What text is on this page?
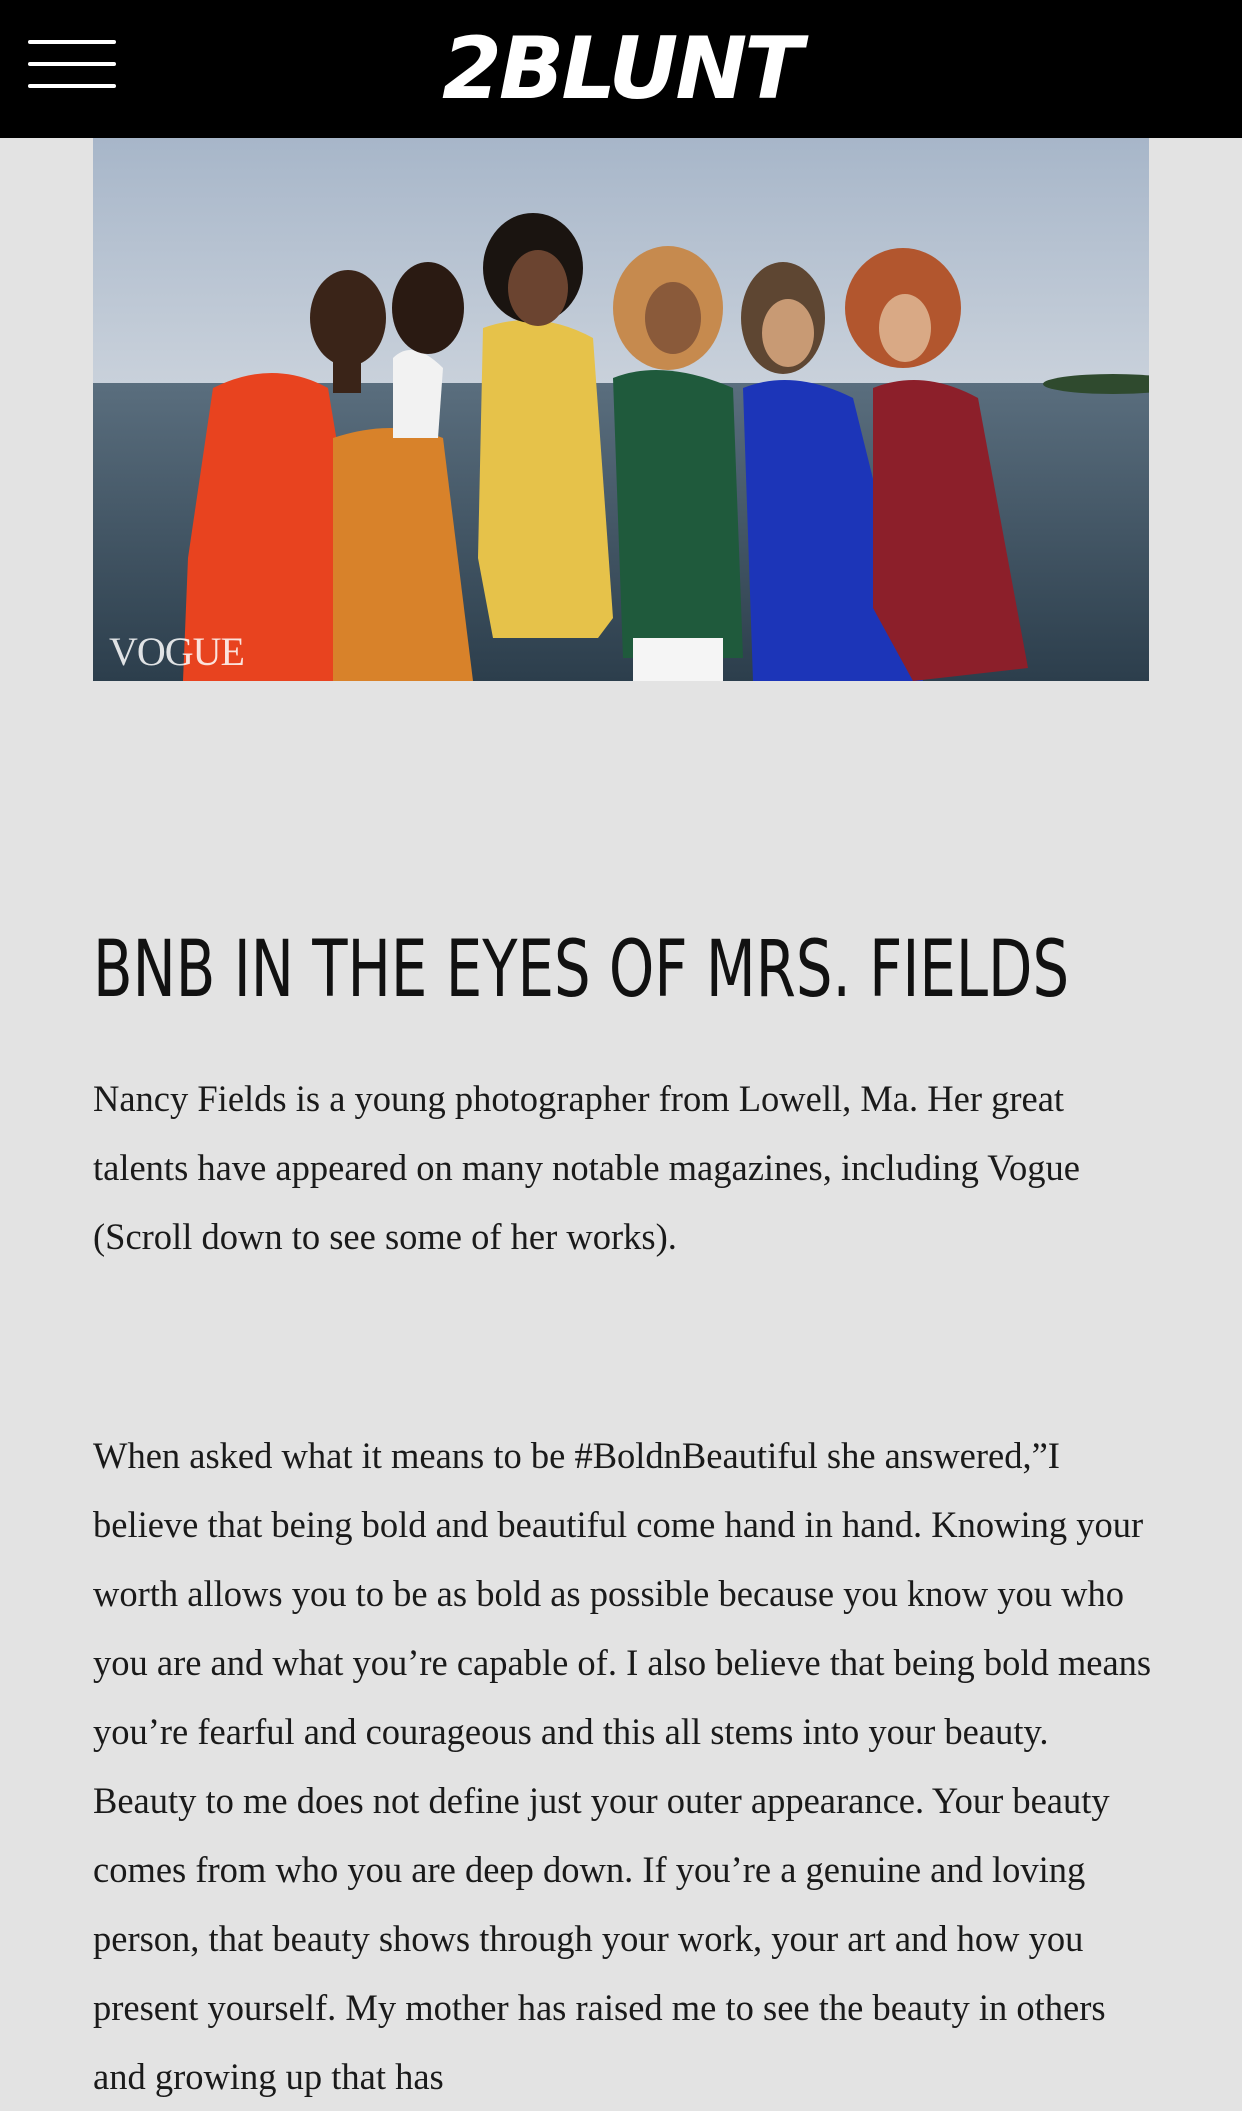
2BLUNT
VOGUE
BNB IN THE EYES OF MRS. FIELDS

Nancy Fields is a young photographer from Lowell, Ma. Her great talents have appeared on many notable magazines, including Vogue (Scroll down to see some of her works).

When asked what it means to be #BoldnBeautiful she answered,”I believe that being bold and beautiful come hand in hand. Knowing your worth allows you to be as bold as possible because you know you who you are and what you’re capable of. I also believe that being bold means you’re fearful and courageous and this all stems into your beauty. Beauty to me does not define just your outer appearance. Your beauty comes from who you are deep down. If you’re a genuine and loving person, that beauty shows through your work, your art and how you present yourself. My mother has raised me to see the beauty in others and growing up that has
